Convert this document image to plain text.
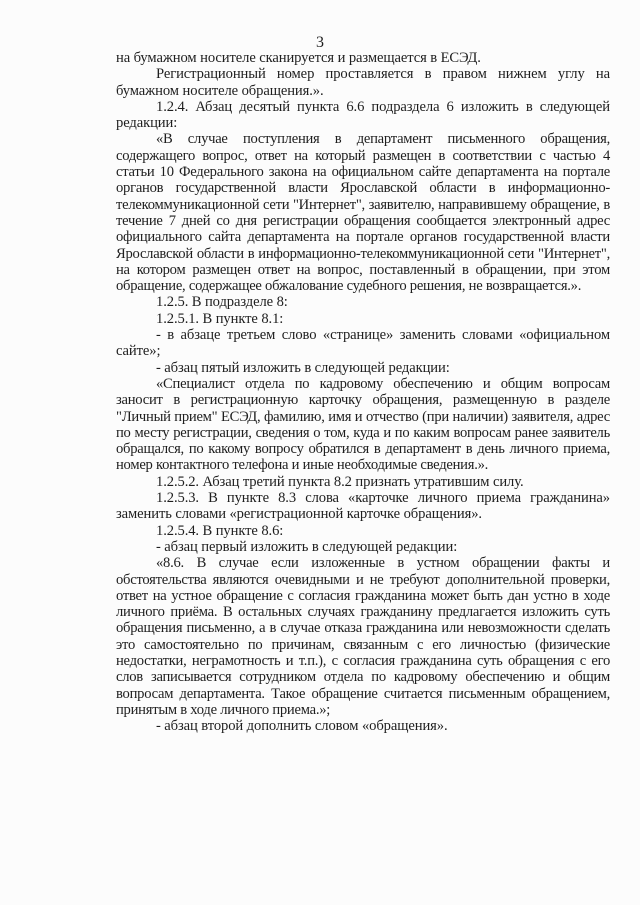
3

на бумажном носителе сканируется и размещается в ЕСЭД.

Регистрационный номер проставляется в правом нижнем углу на бумажном носителе обращения.».

1.2.4. Абзац десятый пункта 6.6 подраздела 6 изложить в следующей редакции:

«В случае поступления в департамент письменного обращения, содержащего вопрос, ответ на который размещен в соответствии с частью 4 статьи 10 Федерального закона на официальном сайте департамента на портале органов государственной власти Ярославской области в информационно-телекоммуникационной сети "Интернет", заявителю, направившему обращение, в течение 7 дней со дня регистрации обращения сообщается электронный адрес официального сайта департамента на портале органов государственной власти Ярославской области в информационно-телекоммуникационной сети "Интернет", на котором размещен ответ на вопрос, поставленный в обращении, при этом обращение, содержащее обжалование судебного решения, не возвращается.».

1.2.5. В подразделе 8:

1.2.5.1. В пункте 8.1:

- в абзаце третьем слово «странице» заменить словами «официальном сайте»;

- абзац пятый изложить в следующей редакции:

«Специалист отдела по кадровому обеспечению и общим вопросам заносит в регистрационную карточку обращения, размещенную в разделе "Личный прием" ЕСЭД, фамилию, имя и отчество (при наличии) заявителя, адрес по месту регистрации, сведения о том, куда и по каким вопросам ранее заявитель обращался, по какому вопросу обратился в департамент в день личного приема, номер контактного телефона и иные необходимые сведения.».

1.2.5.2. Абзац третий пункта 8.2 признать утратившим силу.

1.2.5.3. В пункте 8.3 слова «карточке личного приема гражданина» заменить словами «регистрационной карточке обращения».

1.2.5.4. В пункте 8.6:

- абзац первый изложить в следующей редакции:

«8.6. В случае если изложенные в устном обращении факты и обстоятельства являются очевидными и не требуют дополнительной проверки, ответ на устное обращение с согласия гражданина может быть дан устно в ходе личного приёма. В остальных случаях гражданину предлагается изложить суть обращения письменно, а в случае отказа гражданина или невозможности сделать это самостоятельно по причинам, связанным с его личностью (физические недостатки, неграмотность и т.п.), с согласия гражданина суть обращения с его слов записывается сотрудником отдела по кадровому обеспечению и общим вопросам департамента. Такое обращение считается письменным обращением, принятым в ходе личного приема.»;

- абзац второй дополнить словом «обращения».
